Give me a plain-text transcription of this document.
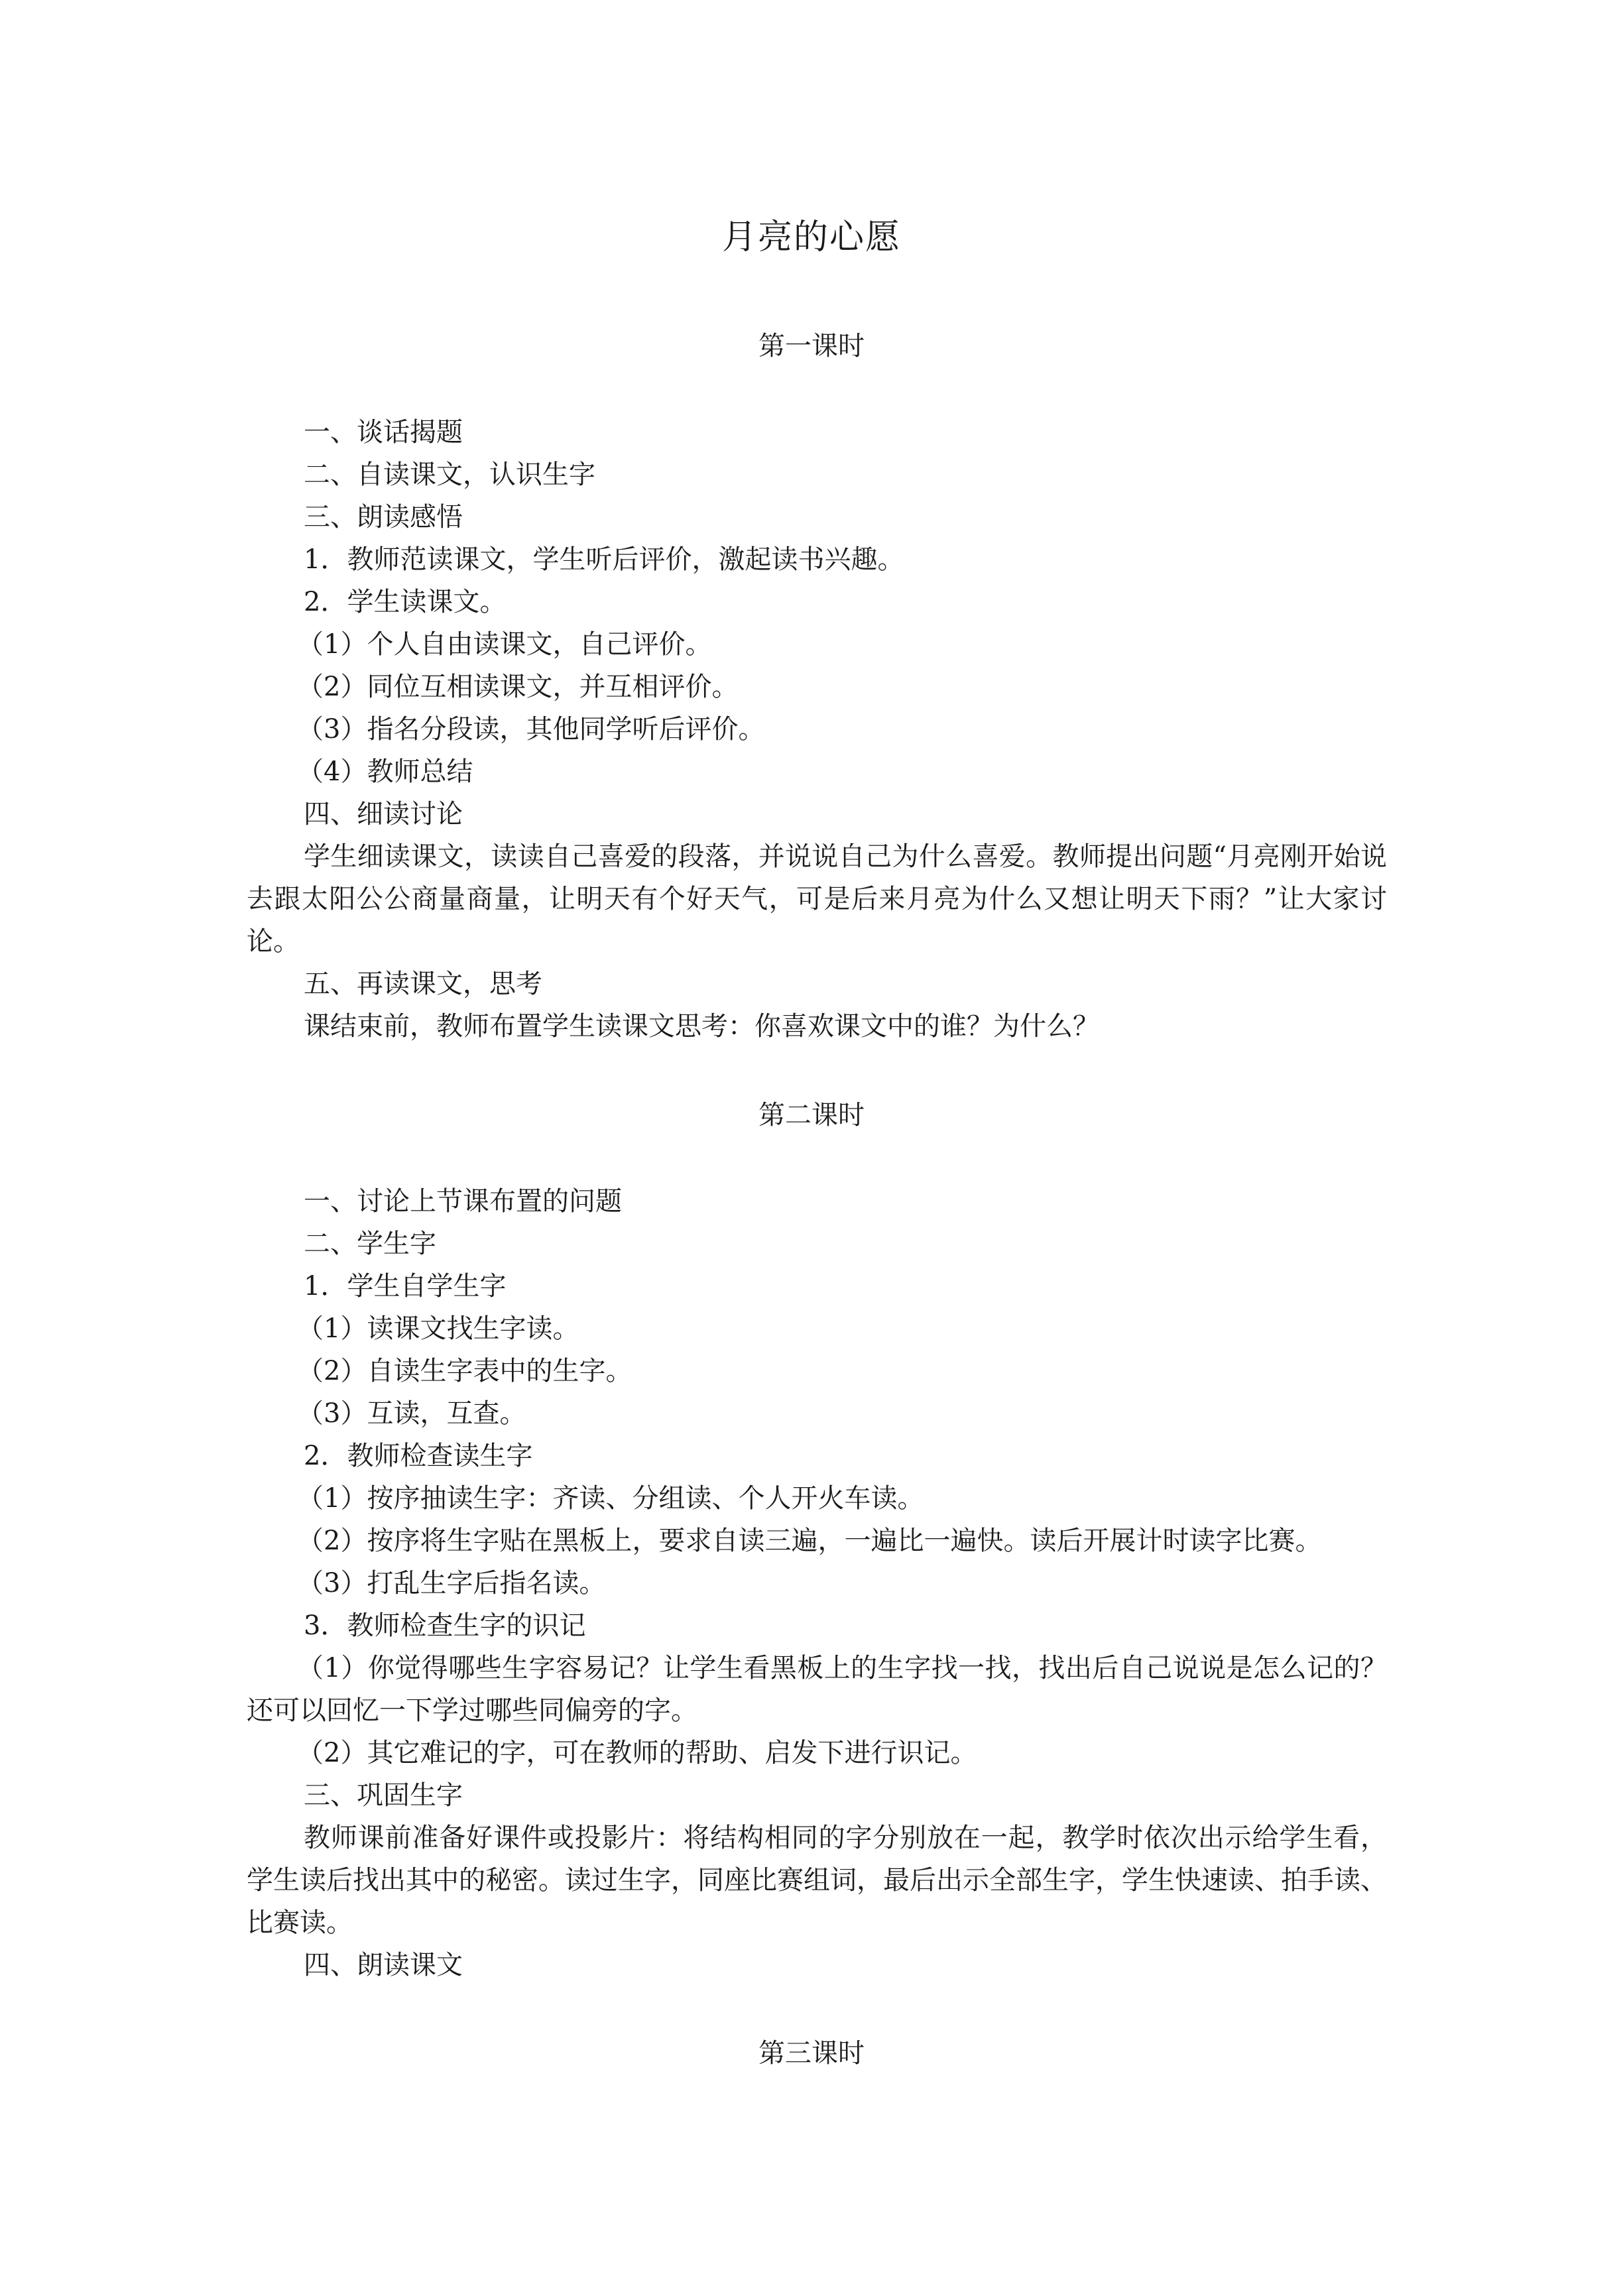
月亮的心愿
第一课时
一、谈话揭题
二、自读课文，认识生字
三、朗读感悟
1．教师范读课文，学生听后评价，激起读书兴趣。
2．学生读课文。
（1）个人自由读课文，自己评价。
（2）同位互相读课文，并互相评价。
（3）指名分段读，其他同学听后评价。
（4）教师总结
四、细读讨论

学生细读课文，读读自己喜爱的段落，并说说自己为什么喜爱。教师提出问题“月亮刚开始说去跟太阳公公商量商量，让明天有个好天气，可是后来月亮为什么又想让明天下雨？”让大家讨论。

五、再读课文，思考

课结束前，教师布置学生读课文思考：你喜欢课文中的谁？为什么？

第二课时
一、讨论上节课布置的问题
二、学生字
1．学生自学生字
（1）读课文找生字读。
（2）自读生字表中的生字。
（3）互读，互查。
2．教师检查读生字
（1）按序抽读生字：齐读、分组读、个人开火车读。
（2）按序将生字贴在黑板上，要求自读三遍，一遍比一遍快。读后开展计时读字比赛。
（3）打乱生字后指名读。
3．教师检查生字的识记

（1）你觉得哪些生字容易记？让学生看黑板上的生字找一找，找出后自己说说是怎么记的？还可以回忆一下学过哪些同偏旁的字。

（2）其它难记的字，可在教师的帮助、启发下进行识记。
三、巩固生字

教师课前准备好课件或投影片：将结构相同的字分别放在一起，教学时依次出示给学生看，学生读后找出其中的秘密。读过生字，同座比赛组词，最后出示全部生字，学生快速读、拍手读、比赛读。

四、朗读课文
第三课时
